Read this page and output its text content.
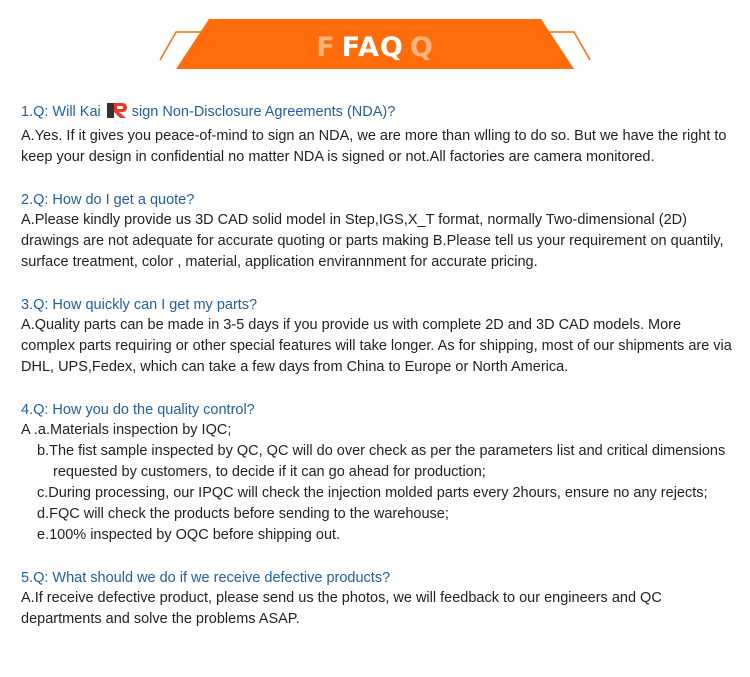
F FAQ Q
1.Q: Will Kai sign Non-Disclosure Agreements (NDA)?

A.Yes. If it gives you peace-of-mind to sign an NDA, we are more than wlling to do so. But we have the right to keep your design in confidential no matter NDA is signed or not.All factories are camera monitored.

2.Q: How do I get a quote?

A.Please kindly provide us 3D CAD solid model in Step,IGS,X_T format, normally Two-dimensional (2D) drawings are not adequate for accurate quoting or parts making B.Please tell us your requirement on quantily, surface treatment, color , material, application envirannment for accurate pricing.

3.Q: How quickly can I get my parts?

A.Quality parts can be made in 3-5 days if you provide us with complete 2D and 3D CAD models. More complex parts requiring or other special features will take longer. As for shipping, most of our shipments are via DHL, UPS,Fedex, which can take a few days from China to Europe or North America.

4.Q: How you do the quality control?

A .a.Materials inspection by IQC;

b.The fist sample inspected by QC, QC will do over check as per the parameters list and critical dimensions

requested by customers, to decide if it can go ahead for production;

c.During processing, our IPQC will check the injection molded parts every 2hours, ensure no any rejects;

d.FQC will check the products before sending to the warehouse;

e.100% inspected by OQC before shipping out.

5.Q: What should we do if we receive defective products?

A.If receive defective product, please send us the photos, we will feedback to our engineers and QC departments and solve the problems ASAP.
